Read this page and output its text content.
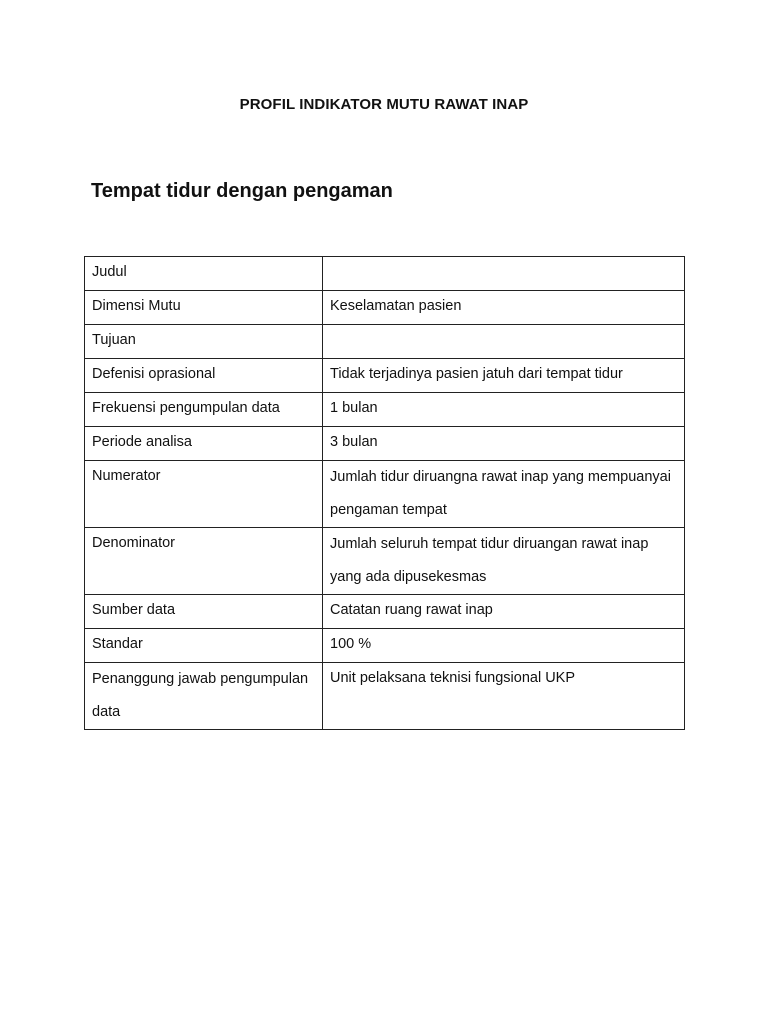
PROFIL INDIKATOR MUTU RAWAT INAP
Tempat tidur dengan pengaman
Judul	
Dimensi Mutu	Keselamatan pasien
Tujuan	
Defenisi oprasional	Tidak terjadinya pasien jatuh dari tempat tidur
Frekuensi pengumpulan data	1 bulan
Periode analisa	3 bulan
Numerator	Jumlah tidur diruangna rawat inap yang mempuanyai pengaman tempat
Denominator	Jumlah seluruh tempat tidur diruangan rawat inap yang ada dipusekesmas
Sumber data	Catatan ruang rawat inap
Standar	100 %
Penanggung jawab pengumpulan data	Unit pelaksana teknisi fungsional UKP
